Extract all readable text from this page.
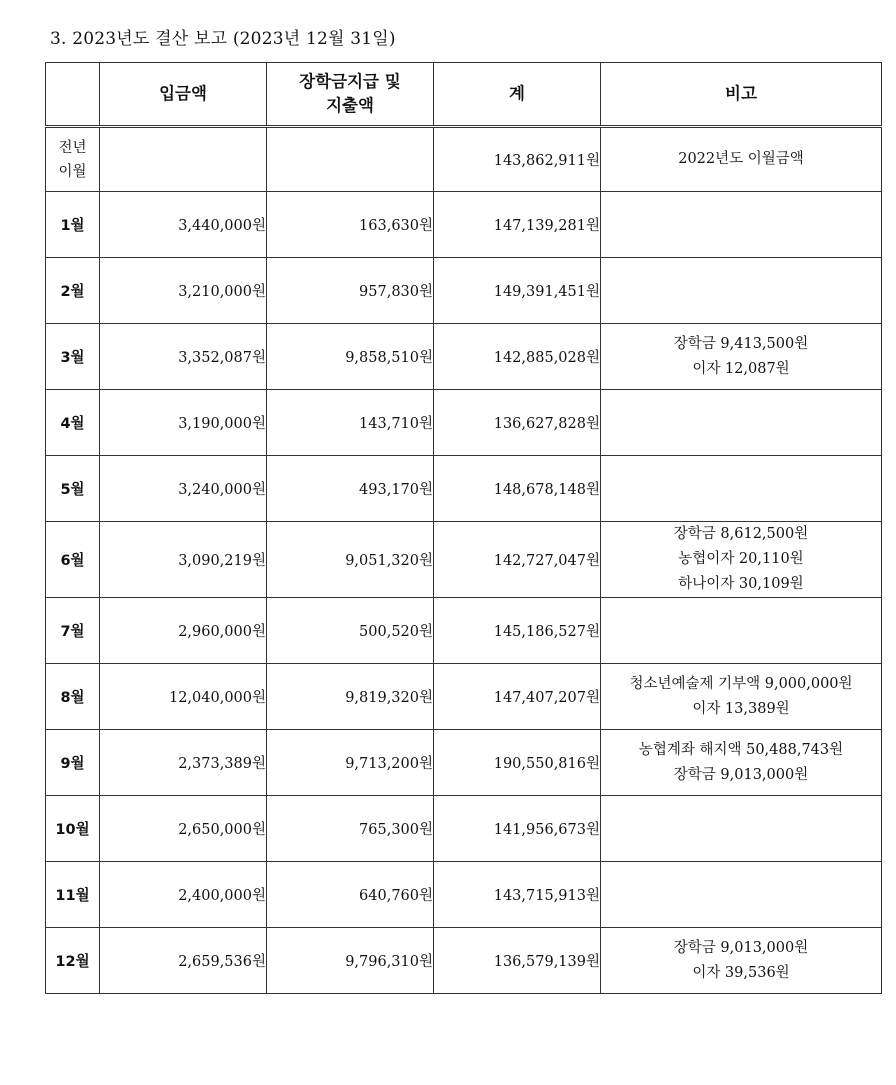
3. 2023년도 결산 보고 (2023년 12월 31일)
	입금액	장학금지급 및
지출액	계	비고

전년
이월			143,862,911원	2022년도 이월금액
1월	3,440,000원	163,630원	147,139,281원	
2월	3,210,000원	957,830원	149,391,451원	
3월	3,352,087원	9,858,510원	142,885,028원	장학금 9,413,500원
이자 12,087원

4월	3,190,000원	143,710원	136,627,828원	
5월	3,240,000원	493,170원	148,678,148원	
6월	3,090,219원	9,051,320원	142,727,047원	장학금 8,612,500원
농협이자 20,110원
하나이자 30,109원

7월	2,960,000원	500,520원	145,186,527원	
8월	12,040,000원	9,819,320원	147,407,207원	청소년예술제 기부액 9,000,000원
이자 13,389원

9월	2,373,389원	9,713,200원	190,550,816원	농협계좌 해지액 50,488,743원
장학금 9,013,000원

10월	2,650,000원	765,300원	141,956,673원	
11월	2,400,000원	640,760원	143,715,913원	
12월	2,659,536원	9,796,310원	136,579,139원	장학금 9,013,000원
이자 39,536원
